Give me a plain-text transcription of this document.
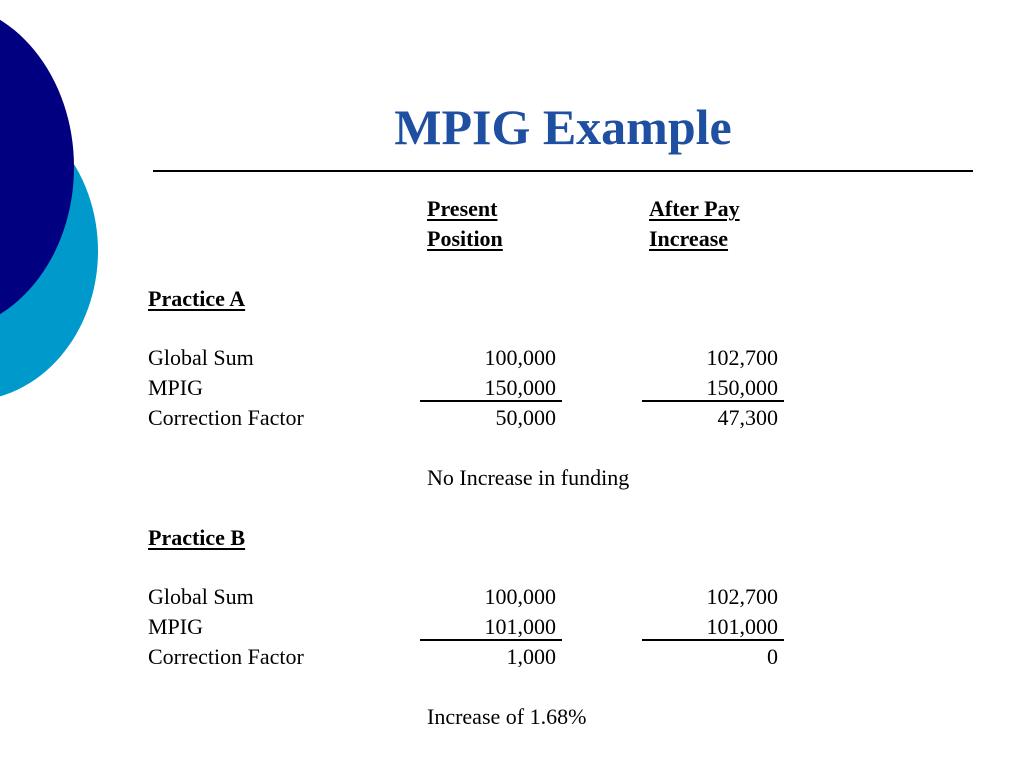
MPIG Example
Present
Position
After Pay
Increase
Practice A
Global Sum	100,000	102,700
MPIG	150,000	150,000
Correction Factor	50,000	47,300
No Increase in funding
Practice B
Global Sum	100,000	102,700
MPIG	101,000	101,000
Correction Factor	1,000	0
Increase of 1.68%
